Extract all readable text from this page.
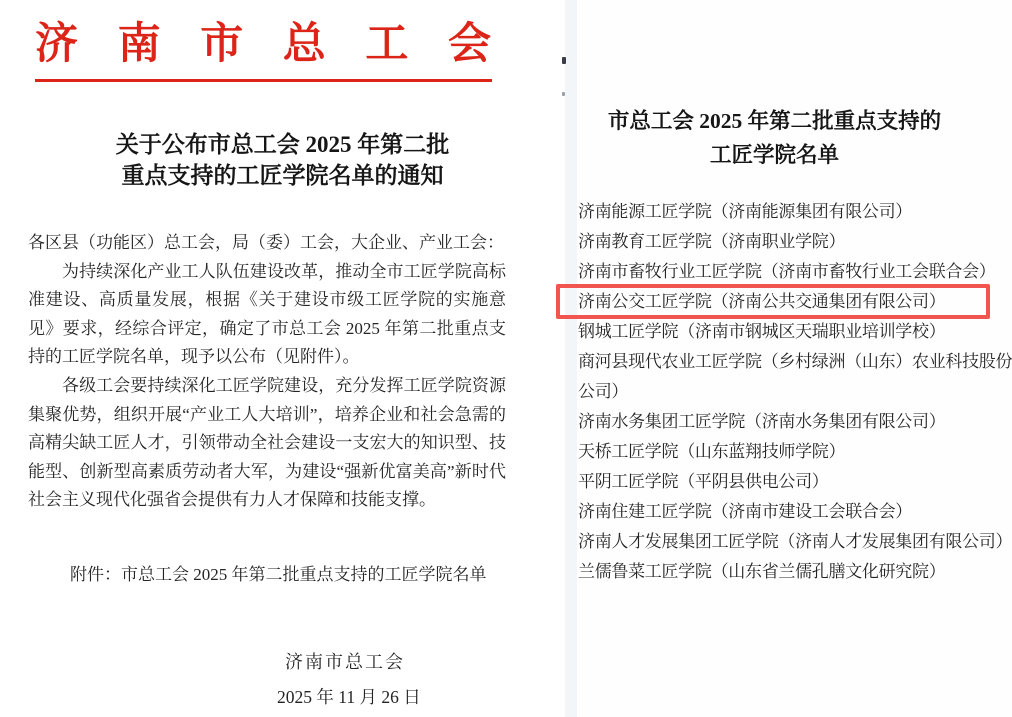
济 南 市 总 工 会
关于公布市总工会 2025 年第二批
重点支持的工匠学院名单的通知

各区县（功能区）总工会，局（委）工会，大企业、产业工会：

为持续深化产业工人队伍建设改革，推动全市工匠学院高标准建设、高质量发展，根据《关于建设市级工匠学院的实施意见》要求，经综合评定，确定了市总工会 2025 年第二批重点支持的工匠学院名单，现予以公布（见附件）。

各级工会要持续深化工匠学院建设，充分发挥工匠学院资源集聚优势，组织开展“产业工人大培训”，培养企业和社会急需的高精尖缺工匠人才，引领带动全社会建设一支宏大的知识型、技能型、创新型高素质劳动者大军，为建设“强新优富美高”新时代社会主义现代化强省会提供有力人才保障和技能支撑。

附件：市总工会 2025 年第二批重点支持的工匠学院名单
济南市总工会
2025 年 11 月 26 日
市总工会 2025 年第二批重点支持的
工匠学院名单
济南能源工匠学院（济南能源集团有限公司）
济南教育工匠学院（济南职业学院）
济南市畜牧行业工匠学院（济南市畜牧行业工会联合会）
济南公交工匠学院（济南公共交通集团有限公司）
钢城工匠学院（济南市钢城区天瑞职业培训学校）
商河县现代农业工匠学院（乡村绿洲（山东）农业科技股份公司）
济南水务集团工匠学院（济南水务集团有限公司）
天桥工匠学院（山东蓝翔技师学院）
平阴工匠学院（平阴县供电公司）
济南住建工匠学院（济南市建设工会联合会）
济南人才发展集团工匠学院（济南人才发展集团有限公司）
兰儒鲁菜工匠学院（山东省兰儒孔膳文化研究院）
